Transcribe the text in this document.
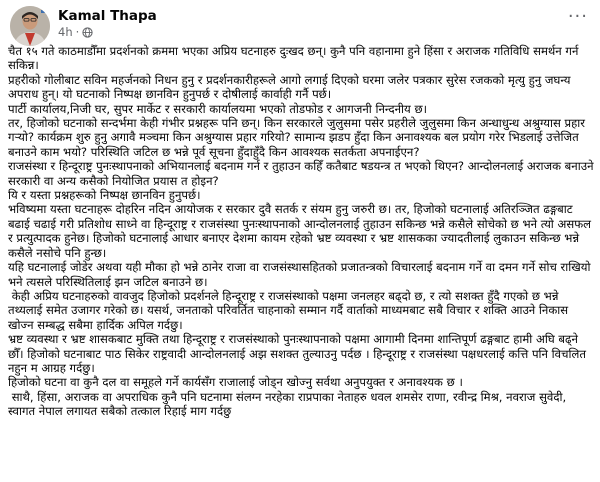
Kamal Thapa
4h ·
···

चैत १५ गते काठमाडौँमा प्रदर्शनको क्रममा भएका अप्रिय घटनाहरु दुःखद छन्। कुनै पनि वहानामा हुने हिंसा र अराजक गतिविधि समर्थन गर्न सकिन्न।

प्रहरीको गोलीबाट सविन महर्जनको निधन हुनु र प्रदर्शनकारीहरूले आगो लगाई दिएको घरमा जलेर पत्रकार सुरेस रजकको मृत्यु हुनु जघन्य अपराध हुन्। यो घटनाको निष्पक्ष छानविन हुनुपर्छ र दोषीलाई कार्वाही गर्नै पर्छ।

पार्टी कार्यालय,निजी घर, सुपर मार्केट र सरकारी कार्यालयमा भएको तोडफोड र आगजनी निन्दनीय छ।

तर, हिजोको घटनाको सन्दर्भमा केही गंभीर प्रश्नहरू पनि छन्। किन सरकारले जुलुसमा पसेर प्रहरीले जुलुसमा किन अन्धाधुन्ध अश्रुग्यास प्रहार गऱ्यो? कार्यक्रम शुरु हुनु अगावै मञ्चमा किन अश्रुग्यास प्रहार गरियो? सामान्य झडप हुँदा किन अनावश्यक बल प्रयोग गरेर भिडलाई उत्तेजित बनाउने काम भयो? परिस्थिति जटिल छ भन्ने पूर्व सूचना हुँदाहुँदै किन आवश्यक सतर्कता अपनाईएन?

राजसंस्था र हिन्दूराष्ट्र पुनःस्थापनाको अभियानलाई बदनाम गर्न र तुहाउन कहिँ कतैबाट षडयन्त्र त भएको थिएन? आन्दोलनलाई अराजक बनाउने सरकारी वा अन्य कसैको नियोजित प्रयास त होइन?

यि र यस्ता प्रश्नहरूको निष्पक्ष छानविन हुनुपर्छ।

भविष्यमा यस्ता घटनाहरू दोहरिन नदिन आयोजक र सरकार दुवै सतर्क र संयम हुनु जरुरी छ। तर, हिजोको घटनालाई अतिरञ्जित ढङ्गबाट बढाई चढाई गरी प्रतिशोध साध्ने वा हिन्दूराष्ट्र र राजसंस्था पुनःस्थापनाको आन्दोलनलाई तुहाउन सकिन्छ भन्ने कसैले सोचेको छ भने त्यो असफल र प्रत्युत्पादक हुनेछ। हिजोको घटनालाई आधार बनाएर देशमा कायम रहेको भ्रष्ट व्यवस्था र भ्रष्ट शासकका ज्यादतीलाई लुकाउन सकिन्छ भन्ने कसैले नसोचे पनि हुन्छ।

यहि घटनालाई जोडेर अथवा यही मौका हो भन्ने ठानेर राजा वा राजसंस्थासहितको प्रजातन्त्रको विचारलाई बदनाम गर्ने वा दमन गर्ने सोच राखियो भने त्यसले परिस्थितिलाई झन जटिल बनाउने छ।

केही अप्रिय घटनाहरुको वावजुद हिजोको प्रदर्शनले हिन्दूराष्ट्र र राजसंस्थाको पक्षमा जनलहर बढ्दो छ, र त्यो सशक्त हुँदै गएको छ भन्ने तथ्यलाई समेत उजागर गरेको छ। यसर्थ, जनताको परिवर्तित चाहनाको सम्मान गर्दै वार्ताको माध्यमबाट सबै विचार र शक्ति आउने निकास खोज्न सम्बद्ध सबैमा हार्दिक अपिल गर्दछु।

भ्रष्ट व्यवस्था र भ्रष्ट शासकबाट मुक्ति तथा हिन्दूराष्ट्र र राजसंस्थाको पुनःस्थापनाको पक्षमा आगामी दिनमा शान्तिपूर्ण ढङ्गबाट हामी अघि बढ्ने छौँ। हिजोको घटनाबाट पाठ सिकेर राष्ट्रवादी आन्दोलनलाई अझ सशक्त तुल्याउनु पर्दछ । हिन्दूराष्ट्र र राजसंस्था पक्षधरलाई कत्ति पनि विचलित नहुन म आग्रह गर्दछु।

हिजोको घटना वा कुनै दल वा समूहले गर्ने कार्यसँग राजालाई जोड्न खोज्नु सर्वथा अनुपयुक्त र अनावश्यक छ ।

साथै, हिंसा, अराजक वा अपराधिक कुनै पनि घटनामा संलग्न नरहेका राप्रपाका नेताहरु धवल शमसेर राणा, रवीन्द्र मिश्र, नवराज सुवेदी, स्वागत नेपाल लगायत सबैको तत्काल रिहाई माग गर्दछु
